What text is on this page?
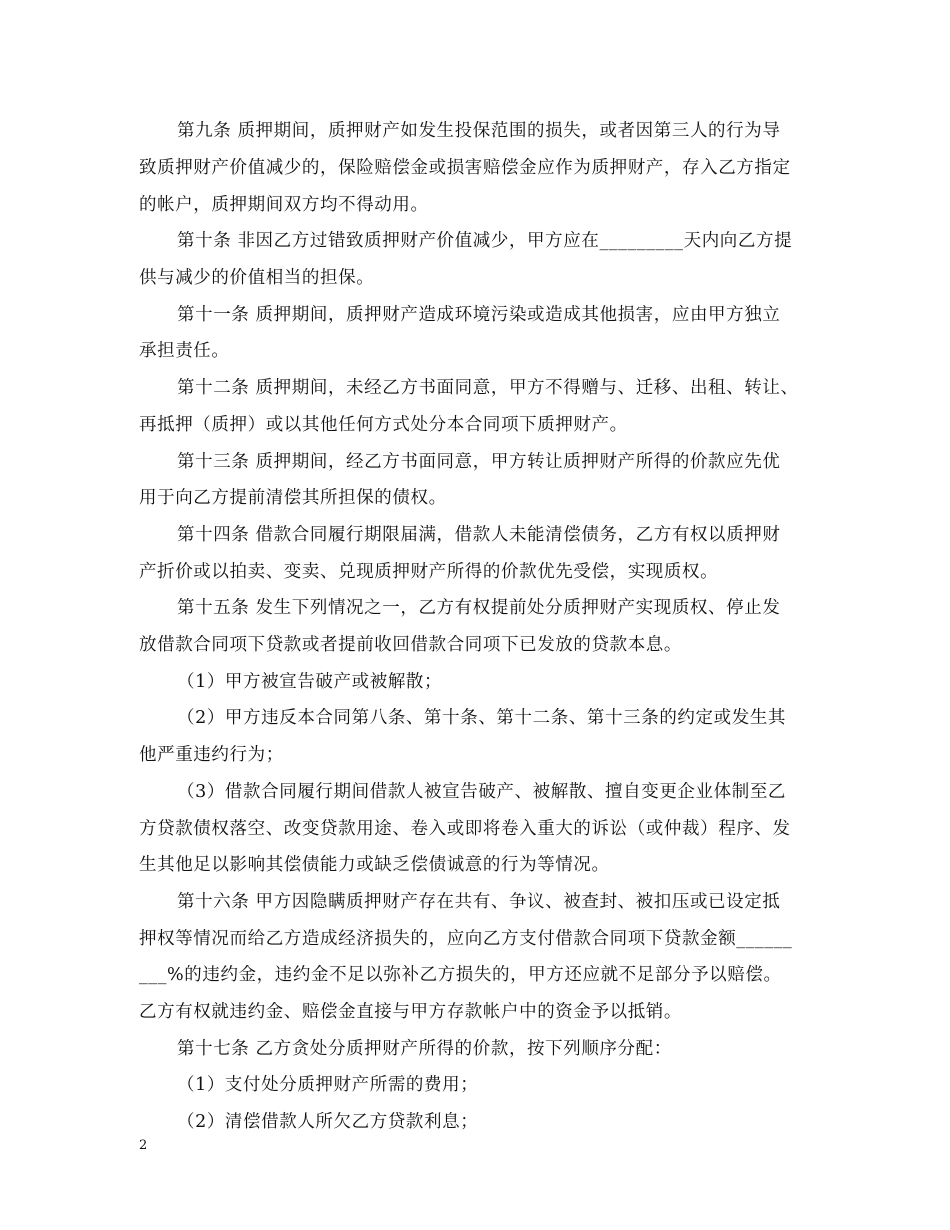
第九条 质押期间，质押财产如发生投保范围的损失，或者因第三人的行为导
致质押财产价值减少的，保险赔偿金或损害赔偿金应作为质押财产，存入乙方指定
的帐户，质押期间双方均不得动用。
第十条 非因乙方过错致质押财产价值减少，甲方应在_________天内向乙方提
供与减少的价值相当的担保。
第十一条 质押期间，质押财产造成环境污染或造成其他损害，应由甲方独立
承担责任。
第十二条 质押期间，未经乙方书面同意，甲方不得赠与、迁移、出租、转让、
再抵押（质押）或以其他任何方式处分本合同项下质押财产。
第十三条 质押期间，经乙方书面同意，甲方转让质押财产所得的价款应先优
用于向乙方提前清偿其所担保的债权。
第十四条 借款合同履行期限届满，借款人未能清偿债务，乙方有权以质押财
产折价或以拍卖、变卖、兑现质押财产所得的价款优先受偿，实现质权。
第十五条 发生下列情况之一，乙方有权提前处分质押财产实现质权、停止发
放借款合同项下贷款或者提前收回借款合同项下已发放的贷款本息。
（1）甲方被宣告破产或被解散；
（2）甲方违反本合同第八条、第十条、第十二条、第十三条的约定或发生其
他严重违约行为；
（3）借款合同履行期间借款人被宣告破产、被解散、擅自变更企业体制至乙
方贷款债权落空、改变贷款用途、卷入或即将卷入重大的诉讼（或仲裁）程序、发
生其他足以影响其偿债能力或缺乏偿债诚意的行为等情况。
第十六条 甲方因隐瞒质押财产存在共有、争议、被查封、被扣压或已设定抵
押权等情况而给乙方造成经济损失的，应向乙方支付借款合同项下贷款金额______
___%的违约金，违约金不足以弥补乙方损失的，甲方还应就不足部分予以赔偿。
乙方有权就违约金、赔偿金直接与甲方存款帐户中的资金予以抵销。
第十七条 乙方贪处分质押财产所得的价款，按下列顺序分配：
（1）支付处分质押财产所需的费用；
（2）清偿借款人所欠乙方贷款利息；
2
